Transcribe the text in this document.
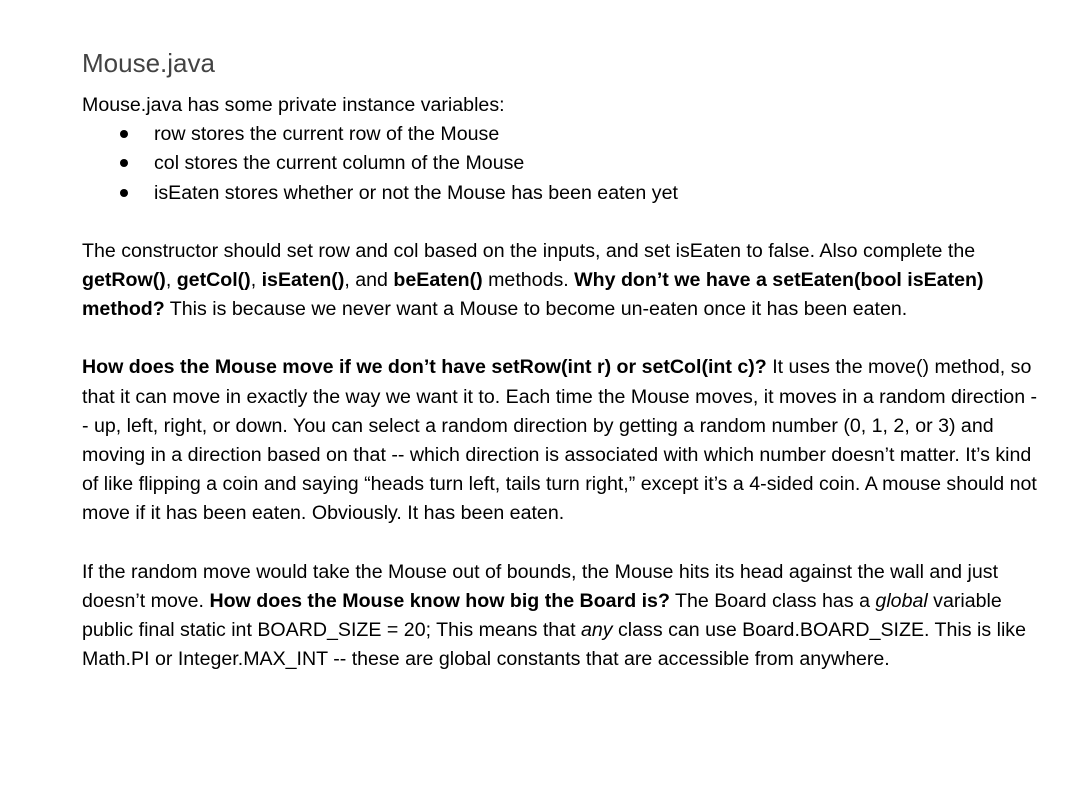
Mouse.java

Mouse.java has some private instance variables:

row stores the current row of the Mouse
col stores the current column of the Mouse
isEaten stores whether or not the Mouse has been eaten yet

The constructor should set row and col based on the inputs, and set isEaten to false. Also complete the getRow(), getCol(), isEaten(), and beEaten() methods. Why don’t we have a setEaten(bool isEaten) method? This is because we never want a Mouse to become un-eaten once it has been eaten.

How does the Mouse move if we don’t have setRow(int r) or setCol(int c)? It uses the move() method, so that it can move in exactly the way we want it to. Each time the Mouse moves, it moves in a random direction -- up, left, right, or down. You can select a random direction by getting a random number (0, 1, 2, or 3) and moving in a direction based on that -- which direction is associated with which number doesn’t matter. It’s kind of like flipping a coin and saying “heads turn left, tails turn right,” except it’s a 4-sided coin. A mouse should not move if it has been eaten. Obviously. It has been eaten.

If the random move would take the Mouse out of bounds, the Mouse hits its head against the wall and just doesn’t move. How does the Mouse know how big the Board is? The Board class has a global variable public final static int BOARD_SIZE = 20; This means that any class can use Board.BOARD_SIZE. This is like Math.PI or Integer.MAX_INT -- these are global constants that are accessible from anywhere.
